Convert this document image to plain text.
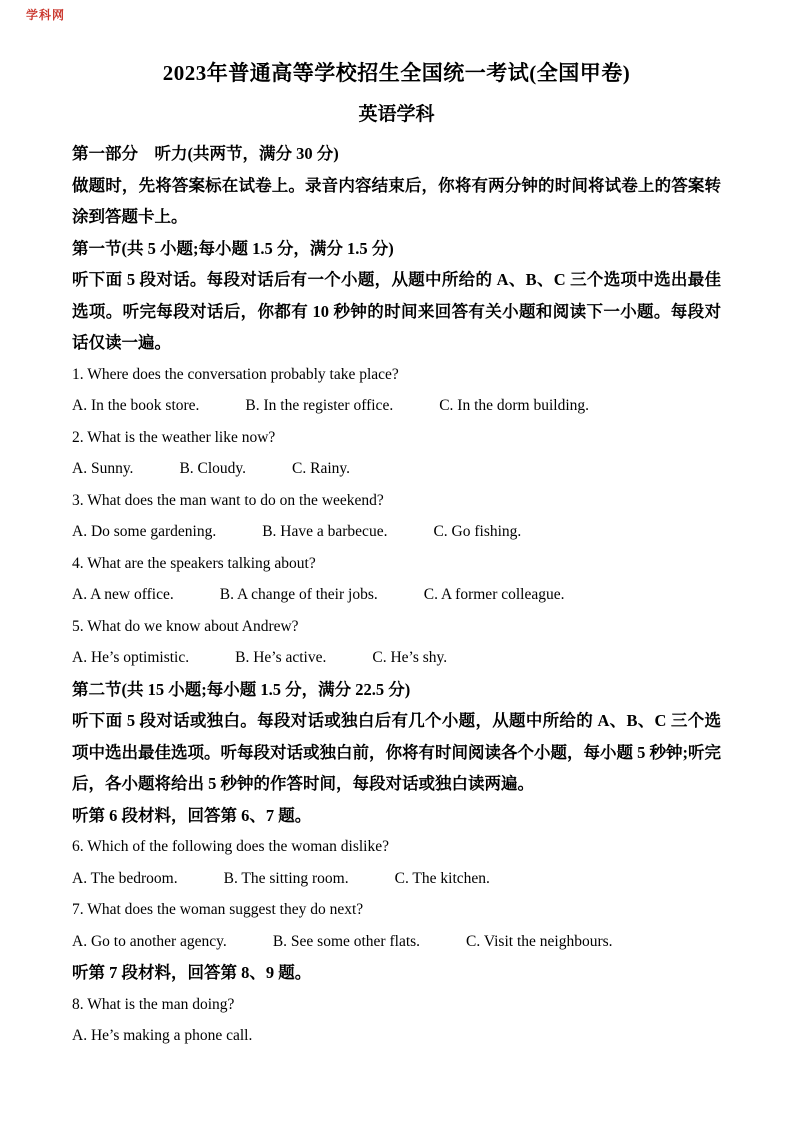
学科网
2023年普通高等学校招生全国统一考试(全国甲卷)
英语学科
第一部分　听力(共两节，满分 30 分)
做题时，先将答案标在试卷上。录音内容结束后，你将有两分钟的时间将试卷上的答案转涂到答题卡上。
第一节(共 5 小题;每小题 1.5 分，满分 1.5 分)
听下面 5 段对话。每段对话后有一个小题，从题中所给的 A、B、C 三个选项中选出最佳选项。听完每段对话后，你都有 10 秒钟的时间来回答有关小题和阅读下一小题。每段对话仅读一遍。
1. Where does the conversation probably take place?
A. In the book store.	B. In the register office.	C. In the dorm building.
2. What is the weather like now?
A. Sunny.	B. Cloudy.	C. Rainy.
3. What does the man want to do on the weekend?
A. Do some gardening.	B. Have a barbecue.	C. Go fishing.
4. What are the speakers talking about?
A. A new office.	B. A change of their jobs.	C. A former colleague.
5. What do we know about Andrew?
A. He’s optimistic.	B. He’s active.	C. He’s shy.
第二节(共 15 小题;每小题 1.5 分，满分 22.5 分)
听下面 5 段对话或独白。每段对话或独白后有几个小题，从题中所给的 A、B、C 三个选项中选出最佳选项。听每段对话或独白前，你将有时间阅读各个小题，每小题 5 秒钟;听完后，各小题将给出 5 秒钟的作答时间，每段对话或独白读两遍。
听第 6 段材料，回答第 6、7 题。
6. Which of the following does the woman dislike?
A. The bedroom.	B. The sitting room.	C. The kitchen.
7. What does the woman suggest they do next?
A. Go to another agency.	B. See some other flats.	C. Visit the neighbours.
听第 7 段材料，回答第 8、9 题。
8. What is the man doing?
A. He’s making a phone call.
